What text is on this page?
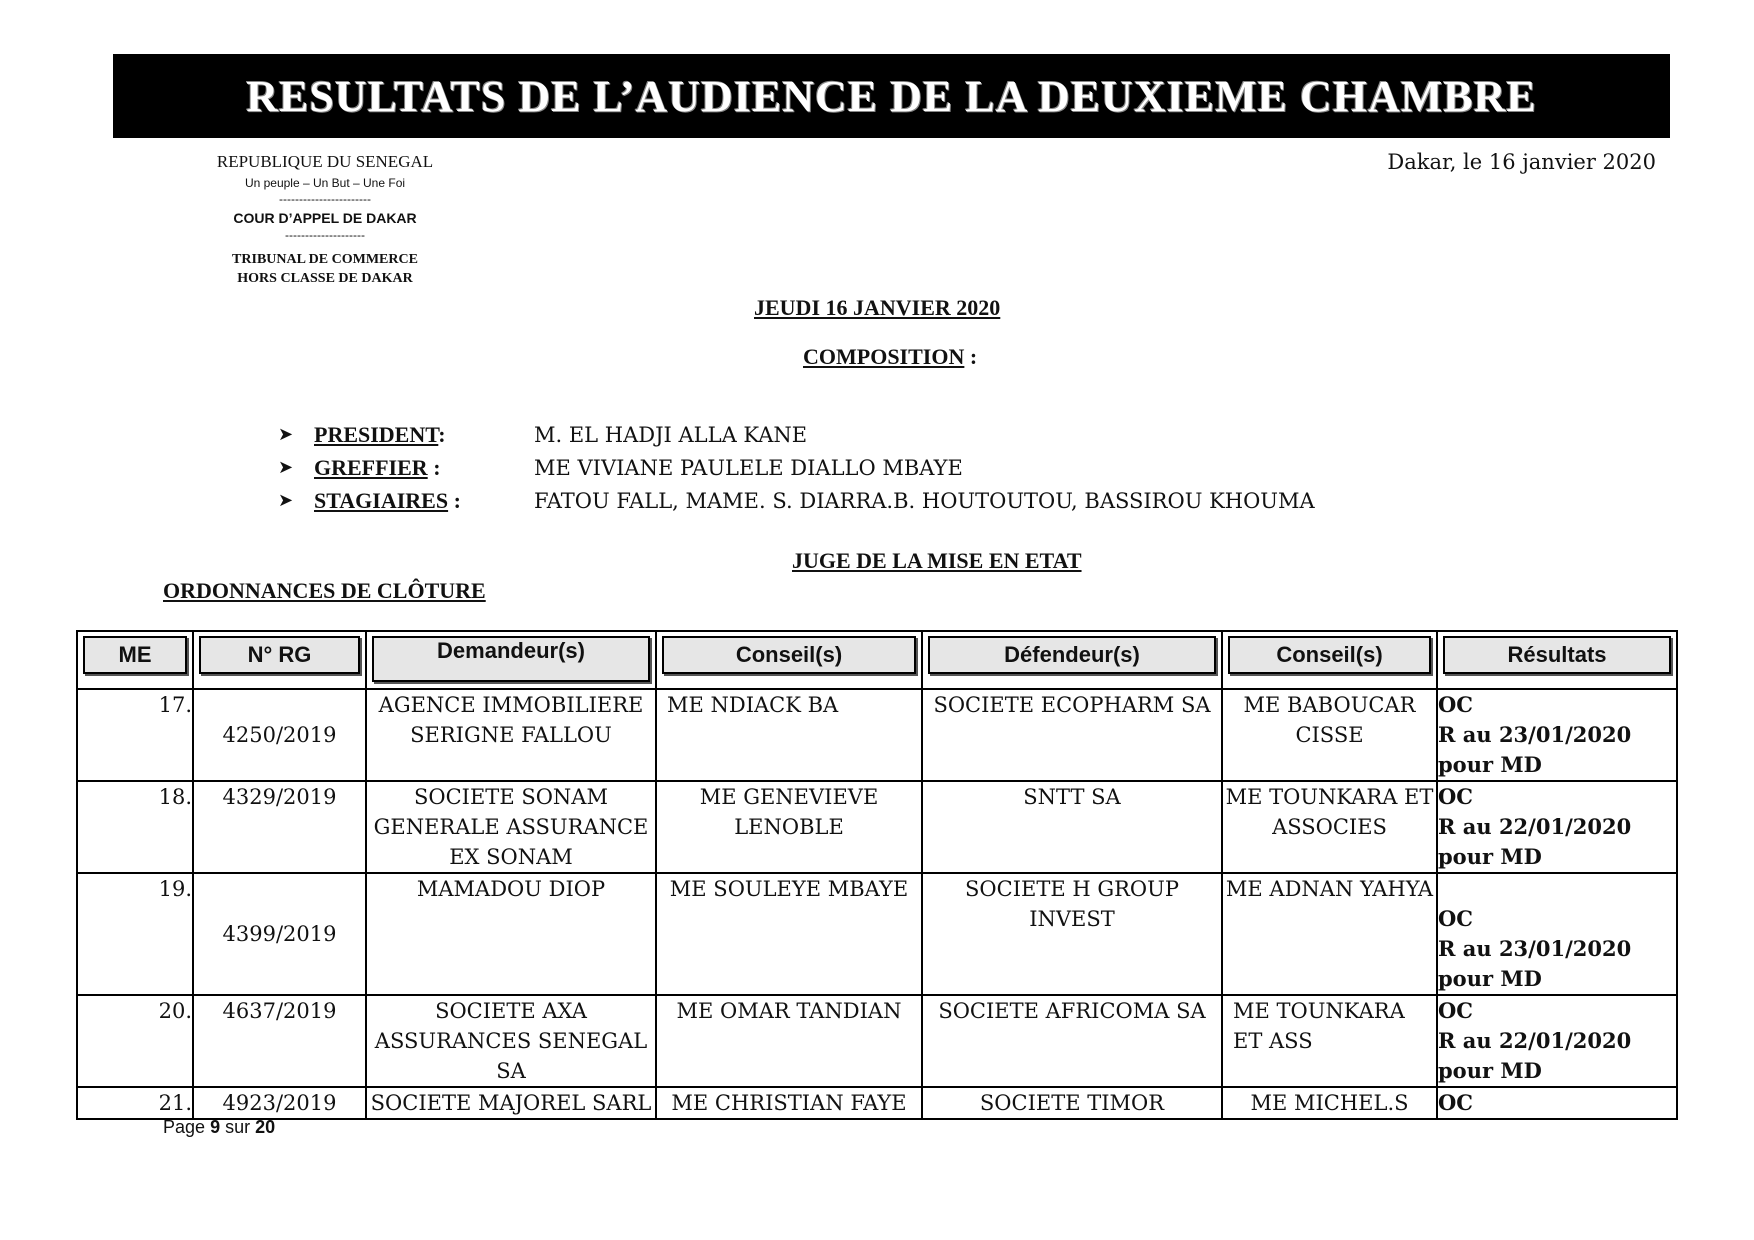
RESULTATS DE L’AUDIENCE DE LA DEUXIEME CHAMBRE
REPUBLIQUE DU SENEGAL
Un peuple – Un But – Une Foi
-----------------------
COUR D’APPEL DE DAKAR
--------------------
TRIBUNAL DE COMMERCE
HORS CLASSE DE DAKAR
Dakar, le 16 janvier 2020
JEUDI 16 JANVIER 2020
COMPOSITION :
➤ PRESIDENT:	M. EL HADJI ALLA KANE
➤ GREFFIER :	ME VIVIANE PAULELE DIALLO MBAYE
➤ STAGIAIRES :	FATOU FALL, MAME. S. DIARRA.B. HOUTOUTOU, BASSIROU KHOUMA
JUGE DE LA MISE EN ETAT
ORDONNANCES DE CLÔTURE
ME	N° RG	Demandeur(s)	Conseil(s)	Défendeur(s)	Conseil(s)	Résultats

17.	4250/2019	AGENCE IMMOBILIERE SERIGNE FALLOU	ME NDIACK BA	SOCIETE ECOPHARM SA	ME BABOUCAR CISSE	OC
R au 23/01/2020
pour MD

18.	4329/2019	SOCIETE SONAM GENERALE ASSURANCE EX SONAM	ME GENEVIEVE LENOBLE	SNTT SA	ME TOUNKARA ET ASSOCIES	OC
R au 22/01/2020
pour MD

19.	4399/2019	MAMADOU DIOP	ME SOULEYE MBAYE	SOCIETE H GROUP INVEST	ME ADNAN YAHYA	OC
R au 23/01/2020
pour MD

20.	4637/2019	SOCIETE AXA ASSURANCES SENEGAL SA	ME OMAR TANDIAN	SOCIETE AFRICOMA SA	ME TOUNKARA ET ASS	OC
R au 22/01/2020
pour MD

21.	4923/2019	SOCIETE MAJOREL SARL	ME CHRISTIAN FAYE	SOCIETE TIMOR	ME MICHEL.S	OC
Page 9 sur 20
